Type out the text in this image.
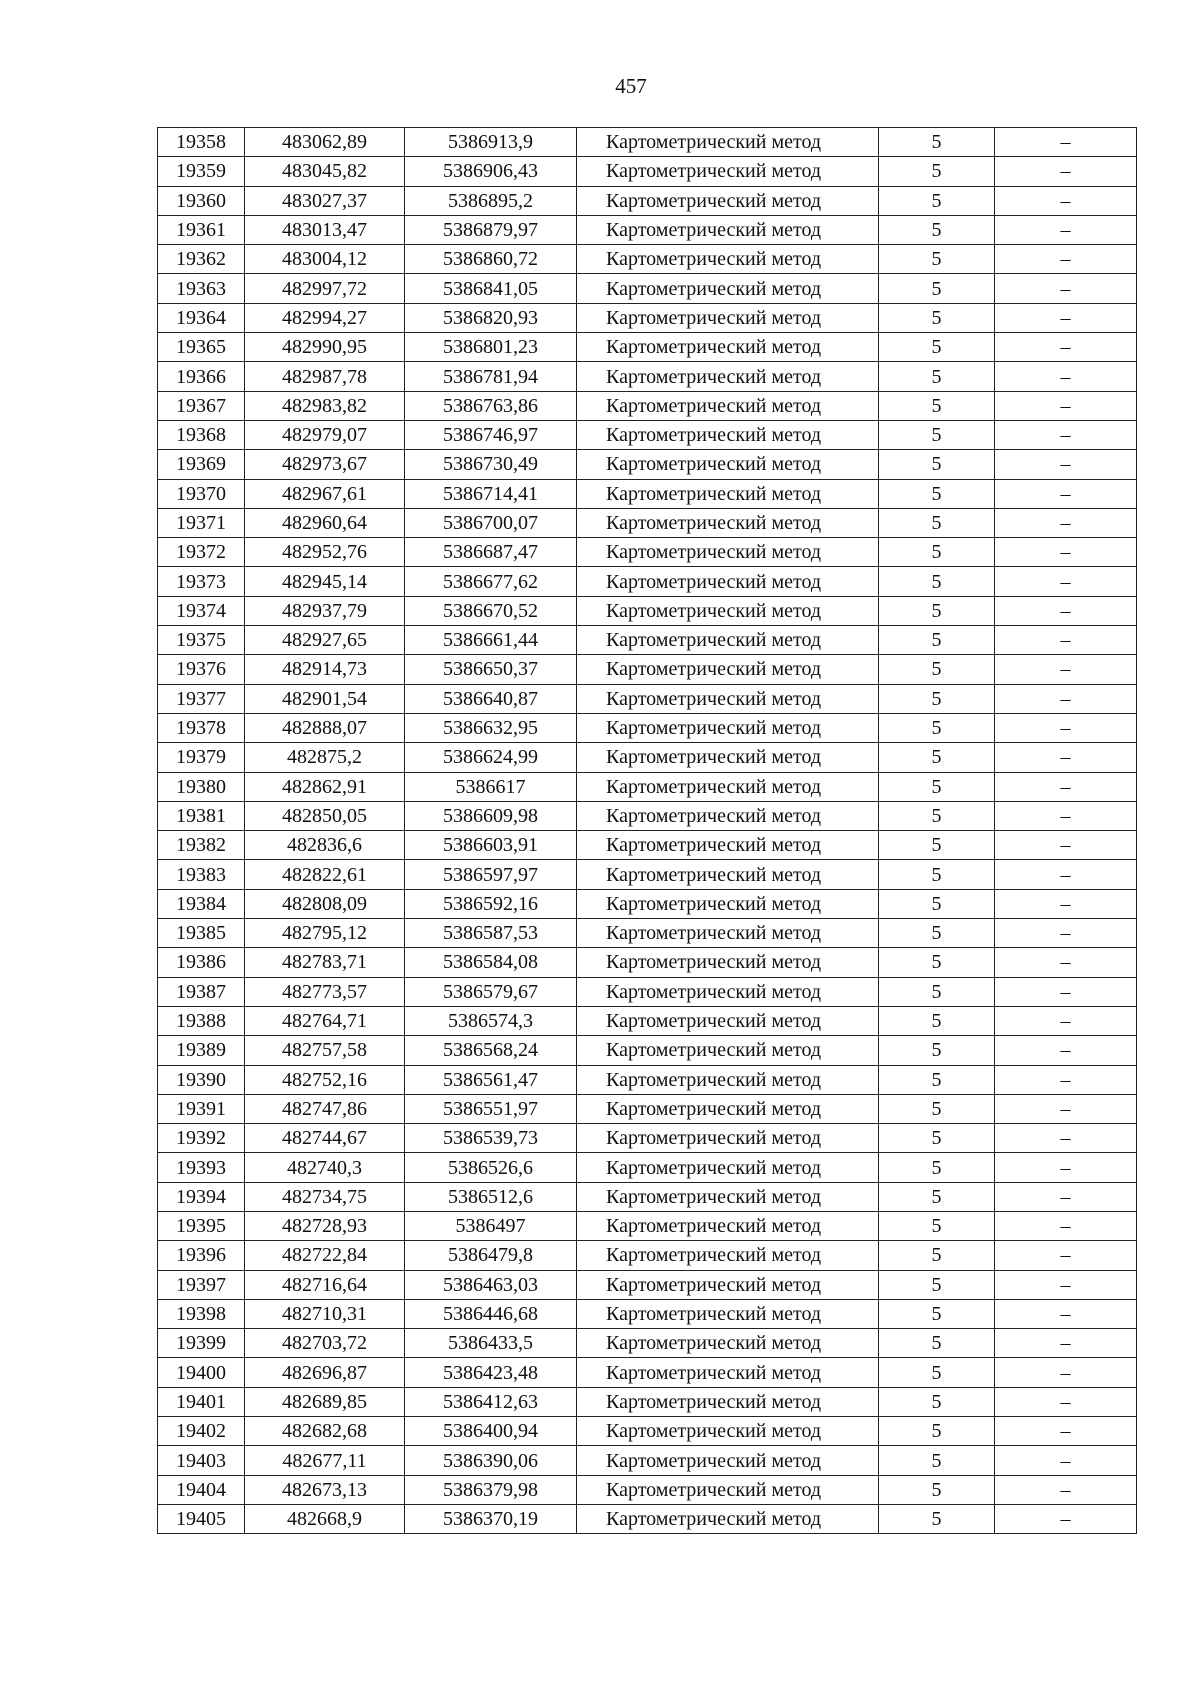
457
19358	483062,89	5386913,9	Картометрический метод	5	–
19359	483045,82	5386906,43	Картометрический метод	5	–
19360	483027,37	5386895,2	Картометрический метод	5	–
19361	483013,47	5386879,97	Картометрический метод	5	–
19362	483004,12	5386860,72	Картометрический метод	5	–
19363	482997,72	5386841,05	Картометрический метод	5	–
19364	482994,27	5386820,93	Картометрический метод	5	–
19365	482990,95	5386801,23	Картометрический метод	5	–
19366	482987,78	5386781,94	Картометрический метод	5	–
19367	482983,82	5386763,86	Картометрический метод	5	–
19368	482979,07	5386746,97	Картометрический метод	5	–
19369	482973,67	5386730,49	Картометрический метод	5	–
19370	482967,61	5386714,41	Картометрический метод	5	–
19371	482960,64	5386700,07	Картометрический метод	5	–
19372	482952,76	5386687,47	Картометрический метод	5	–
19373	482945,14	5386677,62	Картометрический метод	5	–
19374	482937,79	5386670,52	Картометрический метод	5	–
19375	482927,65	5386661,44	Картометрический метод	5	–
19376	482914,73	5386650,37	Картометрический метод	5	–
19377	482901,54	5386640,87	Картометрический метод	5	–
19378	482888,07	5386632,95	Картометрический метод	5	–
19379	482875,2	5386624,99	Картометрический метод	5	–
19380	482862,91	5386617	Картометрический метод	5	–
19381	482850,05	5386609,98	Картометрический метод	5	–
19382	482836,6	5386603,91	Картометрический метод	5	–
19383	482822,61	5386597,97	Картометрический метод	5	–
19384	482808,09	5386592,16	Картометрический метод	5	–
19385	482795,12	5386587,53	Картометрический метод	5	–
19386	482783,71	5386584,08	Картометрический метод	5	–
19387	482773,57	5386579,67	Картометрический метод	5	–
19388	482764,71	5386574,3	Картометрический метод	5	–
19389	482757,58	5386568,24	Картометрический метод	5	–
19390	482752,16	5386561,47	Картометрический метод	5	–
19391	482747,86	5386551,97	Картометрический метод	5	–
19392	482744,67	5386539,73	Картометрический метод	5	–
19393	482740,3	5386526,6	Картометрический метод	5	–
19394	482734,75	5386512,6	Картометрический метод	5	–
19395	482728,93	5386497	Картометрический метод	5	–
19396	482722,84	5386479,8	Картометрический метод	5	–
19397	482716,64	5386463,03	Картометрический метод	5	–
19398	482710,31	5386446,68	Картометрический метод	5	–
19399	482703,72	5386433,5	Картометрический метод	5	–
19400	482696,87	5386423,48	Картометрический метод	5	–
19401	482689,85	5386412,63	Картометрический метод	5	–
19402	482682,68	5386400,94	Картометрический метод	5	–
19403	482677,11	5386390,06	Картометрический метод	5	–
19404	482673,13	5386379,98	Картометрический метод	5	–
19405	482668,9	5386370,19	Картометрический метод	5	–
